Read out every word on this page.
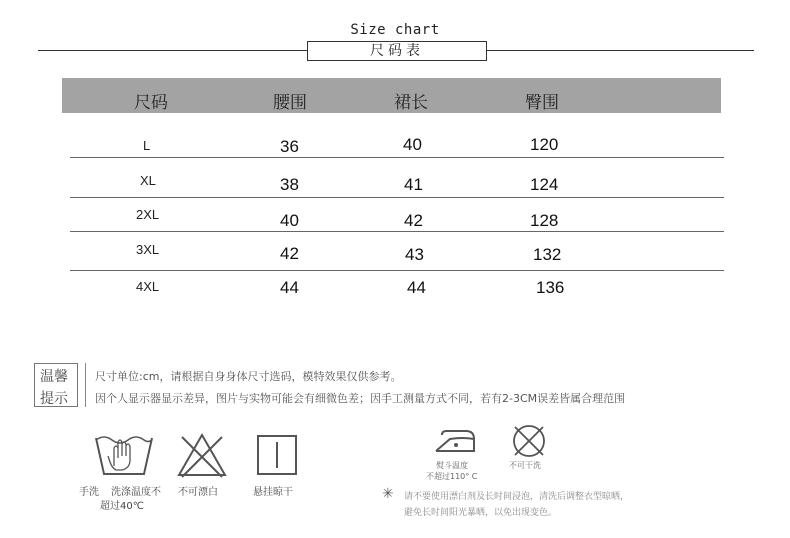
Size chart
尺码表
尺码	腰围	裙长	臀围
L	36	40	120
XL	38	41	124
2XL	40	42	128
3XL	42	43	132
4XL	44	44	136
温馨
提示
尺寸单位:cm，请根据自身身体尺寸选码，模特效果仅供参考。
因个人显示器显示差异，图片与实物可能会有细微色差；因手工测量方式不同，若有2-3CM误差皆属合理范围
手洗 洗涤温度不
超过40℃
不可漂白	悬挂晾干
熨斗温度
不超过110° C
不可干洗
✳ 请不要使用漂白剂及长时间浸泡，清洗后调整衣型晾晒，
避免长时间阳光暴晒，以免出现变色。
